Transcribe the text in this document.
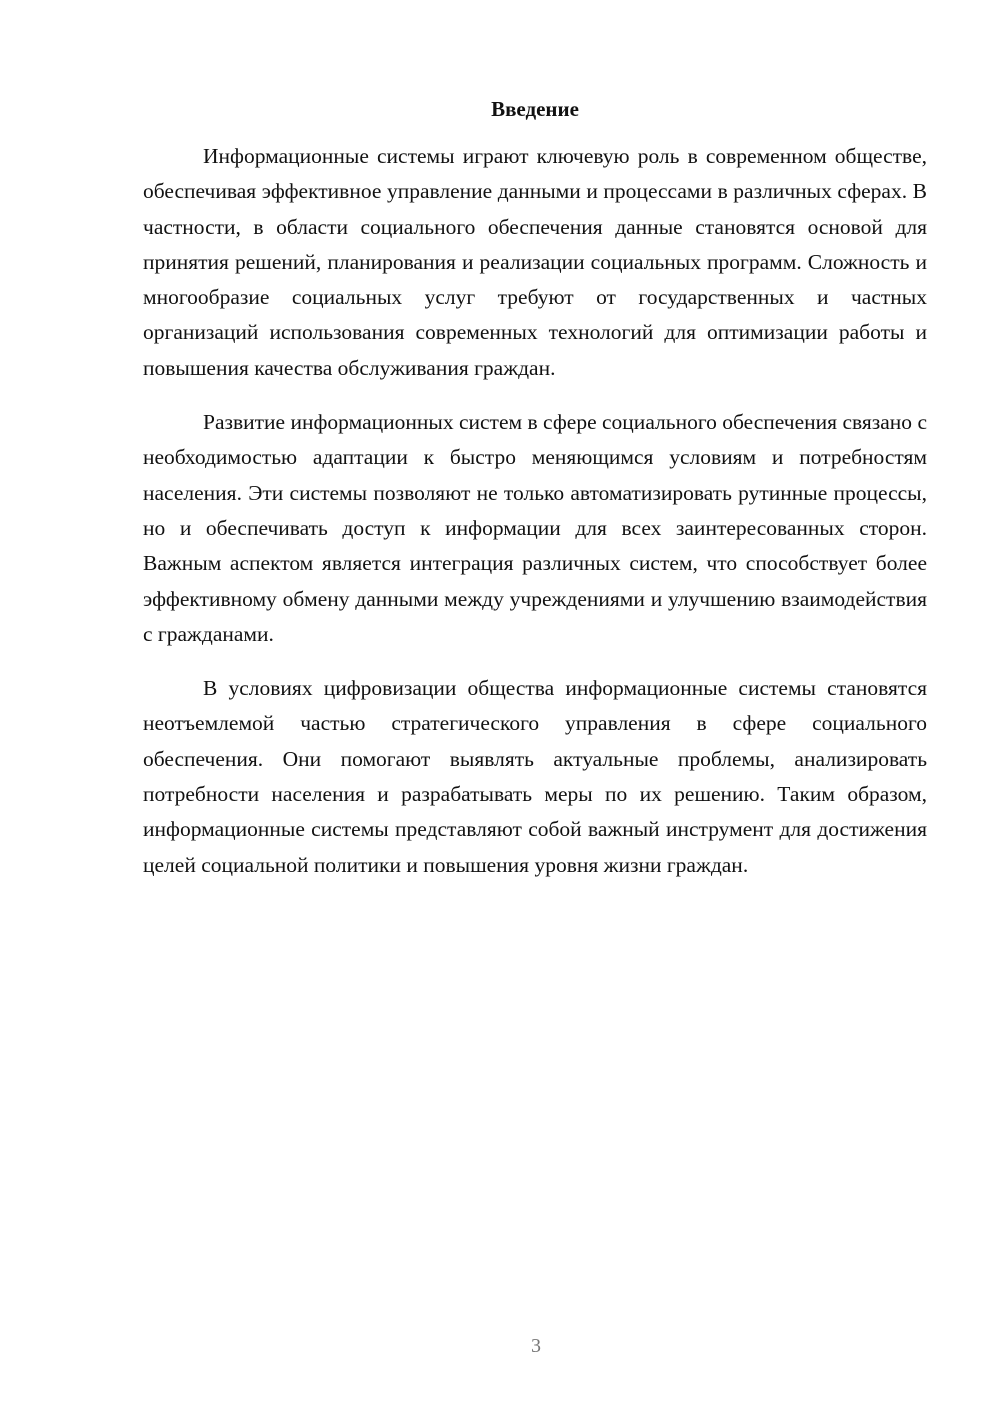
Введение

Информационные системы играют ключевую роль в современном обществе, обеспечивая эффективное управление данными и процессами в различных сферах. В частности, в области социального обеспечения данные становятся основой для принятия решений, планирования и реализации социальных программ. Сложность и многообразие социальных услуг требуют от государственных и частных организаций использования современных технологий для оптимизации работы и повышения качества обслуживания граждан.

Развитие информационных систем в сфере социального обеспечения связано с необходимостью адаптации к быстро меняющимся условиям и потребностям населения. Эти системы позволяют не только автоматизировать рутинные процессы, но и обеспечивать доступ к информации для всех заинтересованных сторон. Важным аспектом является интеграция различных систем, что способствует более эффективному обмену данными между учреждениями и улучшению взаимодействия с гражданами.

В условиях цифровизации общества информационные системы становятся неотъемлемой частью стратегического управления в сфере социального обеспечения. Они помогают выявлять актуальные проблемы, анализировать потребности населения и разрабатывать меры по их решению. Таким образом, информационные системы представляют собой важный инструмент для достижения целей социальной политики и повышения уровня жизни граждан.

3
